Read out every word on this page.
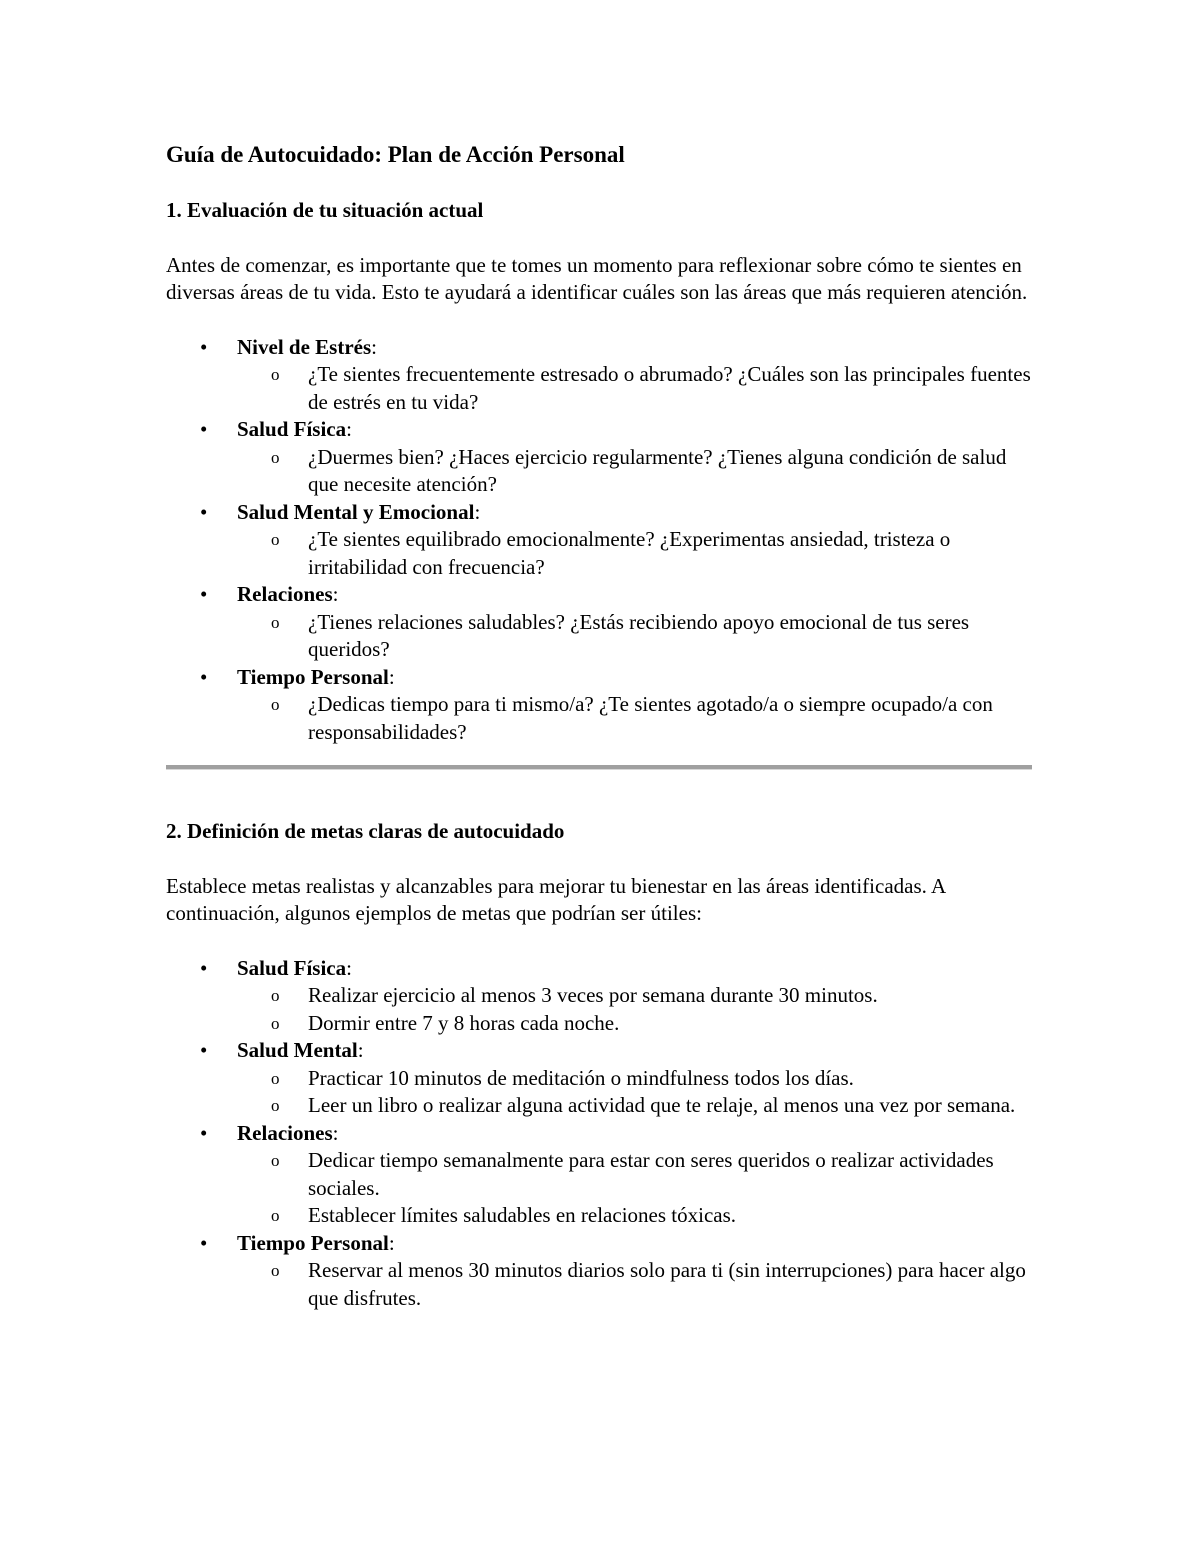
Guía de Autocuidado: Plan de Acción Personal
1. Evaluación de tu situación actual

Antes de comenzar, es importante que te tomes un momento para reflexionar sobre cómo te sientes en diversas áreas de tu vida. Esto te ayudará a identificar cuáles son las áreas que más requieren atención.

• Nivel de Estrés:
o	¿Te sientes frecuentemente estresado o abrumado? ¿Cuáles son las principales fuentes de estrés en tu vida?
• Salud Física:
o	¿Duermes bien? ¿Haces ejercicio regularmente? ¿Tienes alguna condición de salud que necesite atención?
• Salud Mental y Emocional:
o	¿Te sientes equilibrado emocionalmente? ¿Experimentas ansiedad, tristeza o irritabilidad con frecuencia?
• Relaciones:
o	¿Tienes relaciones saludables? ¿Estás recibiendo apoyo emocional de tus seres queridos?
• Tiempo Personal:
o	¿Dedicas tiempo para ti mismo/a? ¿Te sientes agotado/a o siempre ocupado/a con responsabilidades?
2. Definición de metas claras de autocuidado

Establece metas realistas y alcanzables para mejorar tu bienestar en las áreas identificadas. A continuación, algunos ejemplos de metas que podrían ser útiles:

• Salud Física:
o	Realizar ejercicio al menos 3 veces por semana durante 30 minutos.
o	Dormir entre 7 y 8 horas cada noche.
• Salud Mental:
o	Practicar 10 minutos de meditación o mindfulness todos los días.
o	Leer un libro o realizar alguna actividad que te relaje, al menos una vez por semana.
• Relaciones:
o	Dedicar tiempo semanalmente para estar con seres queridos o realizar actividades sociales.
o	Establecer límites saludables en relaciones tóxicas.
• Tiempo Personal:
o	Reservar al menos 30 minutos diarios solo para ti (sin interrupciones) para hacer algo que disfrutes.
